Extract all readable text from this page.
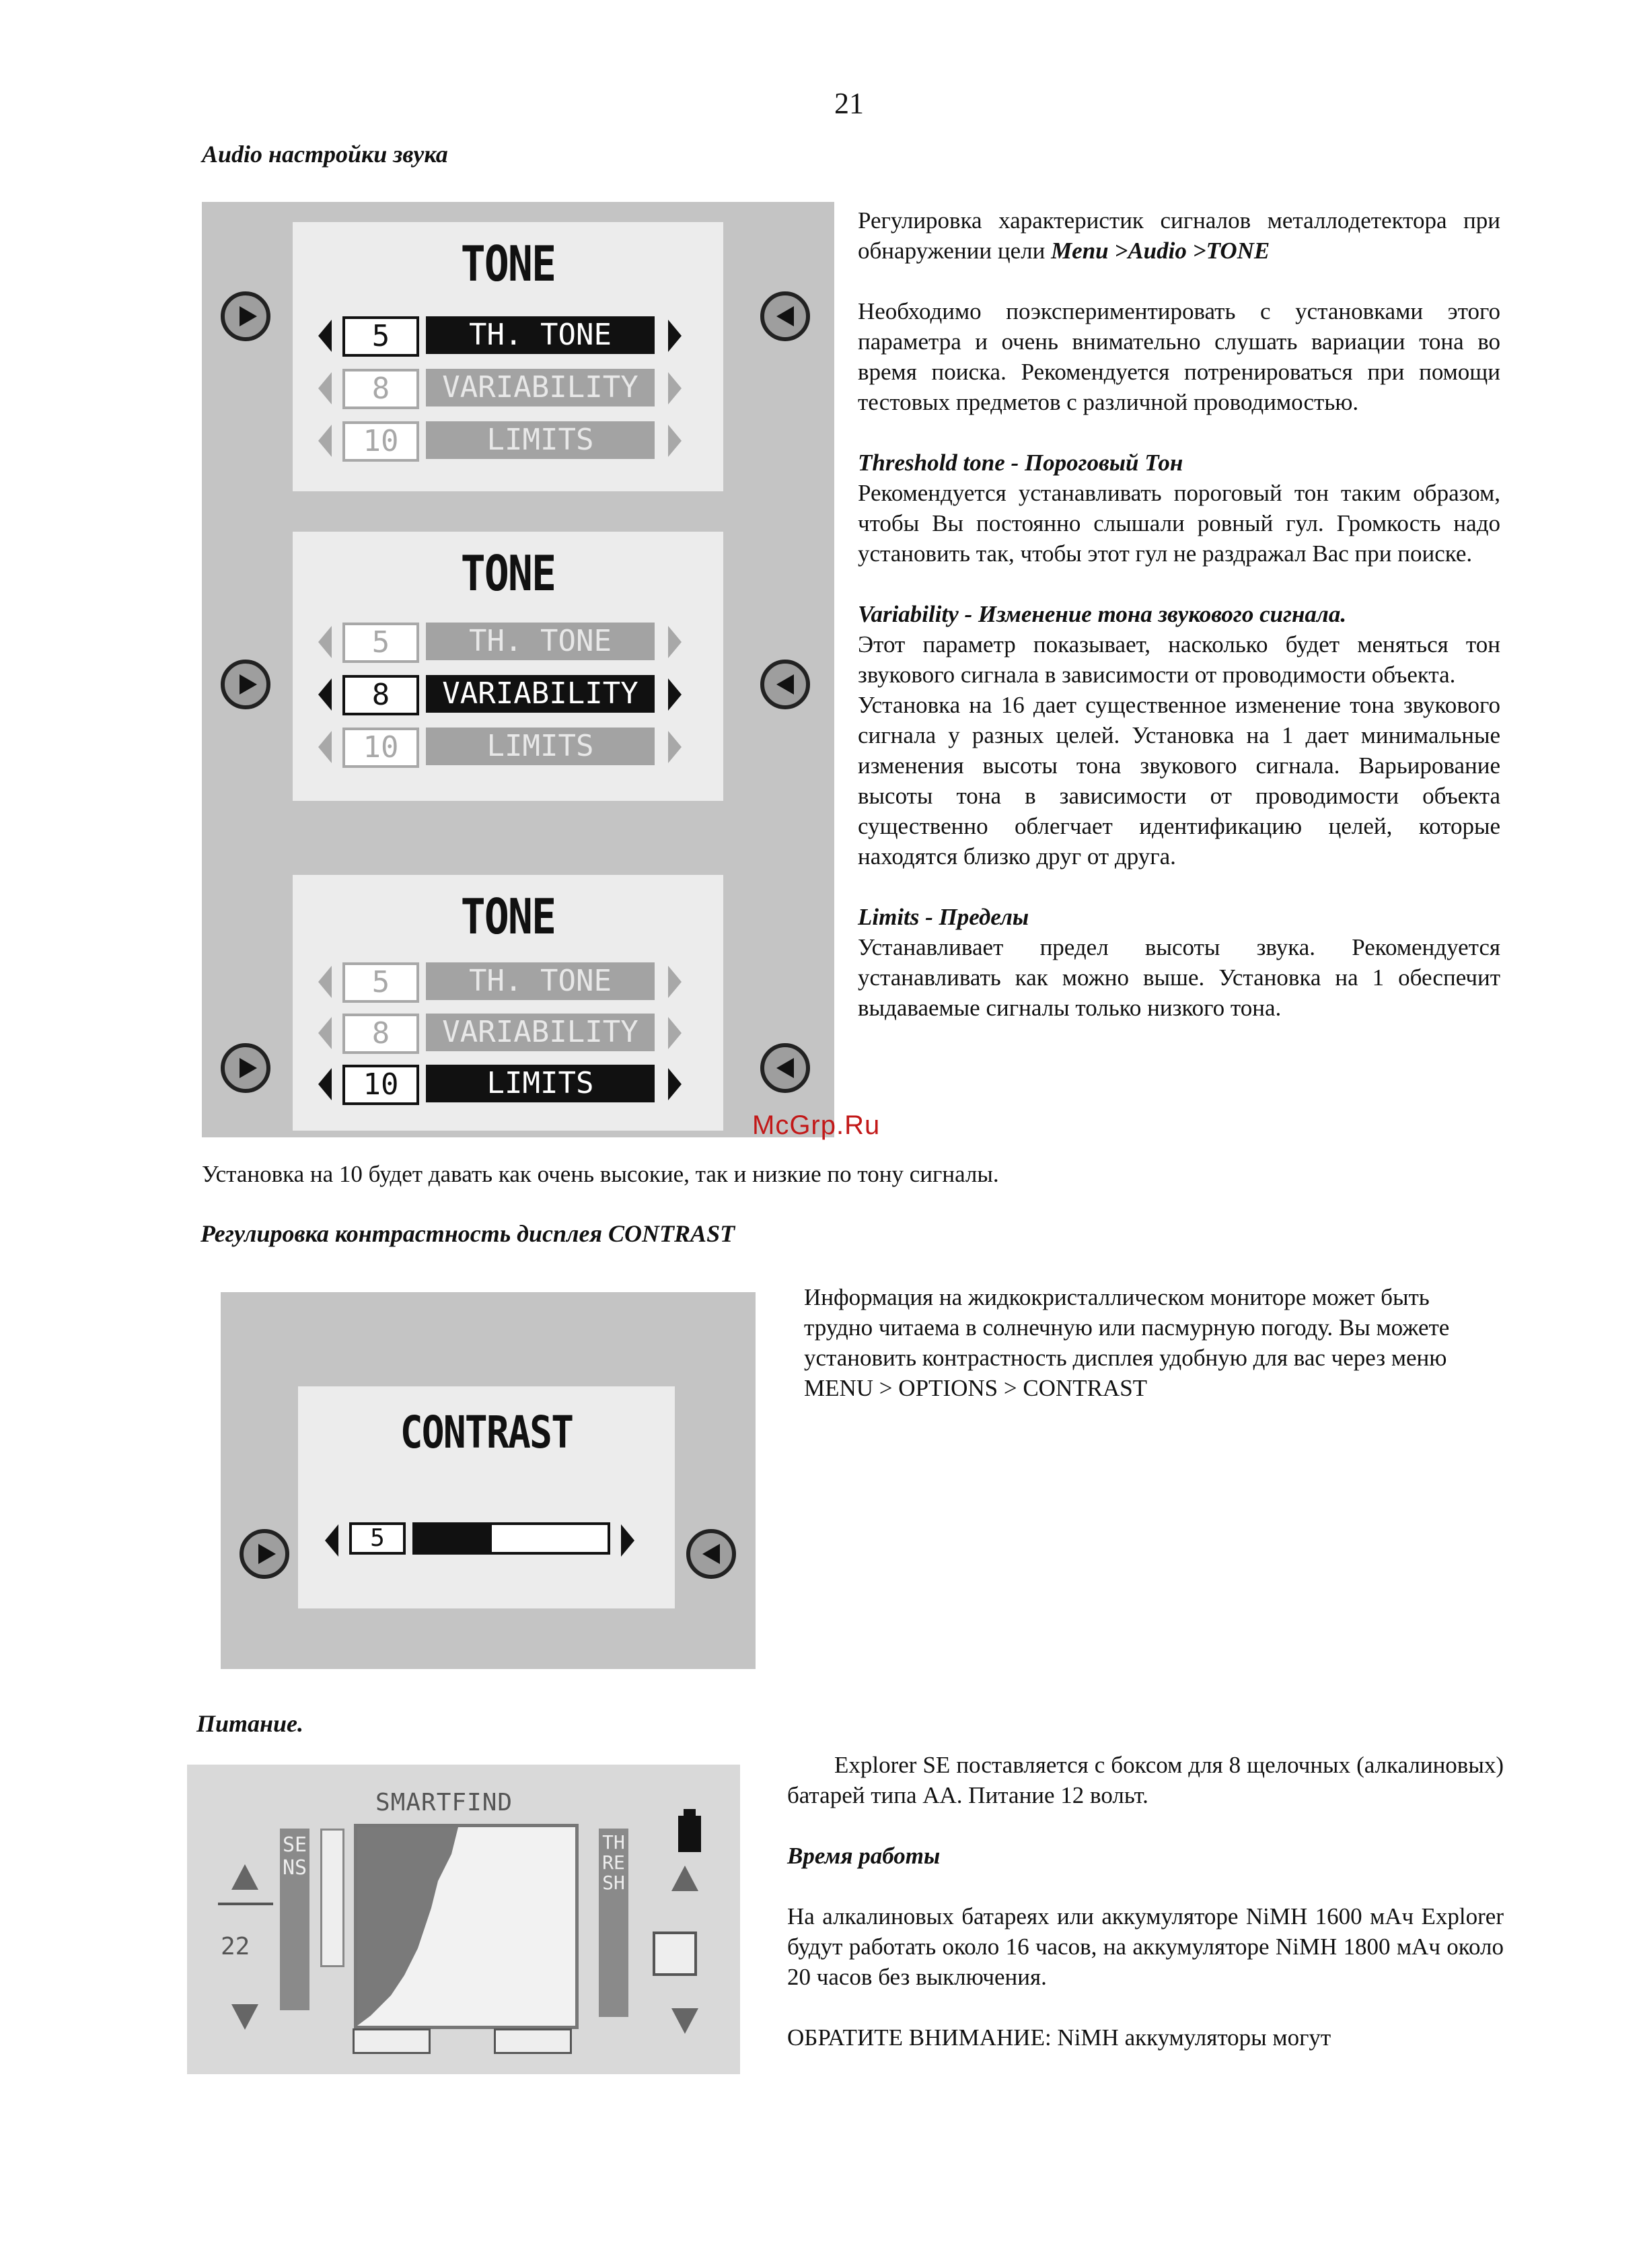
21
Audio настройки звука
TONE
5	TH. TONE
8	VARIABILITY
10	LIMITS
TONE
5	TH. TONE
8	VARIABILITY
10	LIMITS
TONE
5	TH. TONE
8	VARIABILITY
10	LIMITS

Регулировка характеристик сигналов металлодетектора при обнаружении цели Menu >Audio >TONE

Необходимо поэкспериментировать с установками этого параметра и очень внимательно слушать вариации тона во время поиска. Рекомендуется потренироваться при помощи тестовых предметов с различной проводимостью.

Threshold tone - Пороговый Тон

Рекомендуется устанавливать пороговый тон таким образом, чтобы Вы постоянно слышали ровный гул. Громкость надо установить так, чтобы этот гул не раздражал Вас при поиске.

Variability - Изменение тона звукового сигнала.

Этот параметр показывает, насколько будет меняться тон звукового сигнала в зависимости от проводимости объекта.

Установка на 16 дает существенное изменение тона звукового сигнала у разных целей. Установка на 1 дает минимальные изменения высоты тона звукового сигнала. Варьирование высоты тона в зависимости от проводимости объекта существенно облегчает идентификацию целей, которые находятся близко друг от друга.

Limits - Пределы

Устанавливает предел высоты звука. Рекомендуется устанавливать как можно выше. Установка на 1 обеспечит выдаваемые сигналы только низкого тона.

McGrp.Ru
Установка на 10 будет давать как очень высокие, так и низкие по тону сигналы.
Регулировка контрастность дисплея CONTRAST
CONTRAST
5
Информация на жидкокристаллическом мониторе может быть трудно читаема в солнечную или пасмурную погоду. Вы можете установить контрастность дисплея удобную для вас через меню MENU > OPTIONS > CONTRAST
Питание.
SMARTFIND
SENS
THRESH
22

Explorer SE поставляется с боксом для 8 щелочных (алкалиновых) батарей типа АА. Питание 12 вольт.

Время работы

На алкалиновых батареях или аккумуляторе NiMH 1600 мАч Explorer будут работать около 16 часов, на аккумуляторе NiMH 1800 мАч около 20 часов без выключения.

ОБРАТИТЕ ВНИМАНИЕ: NiMH аккумуляторы могут
